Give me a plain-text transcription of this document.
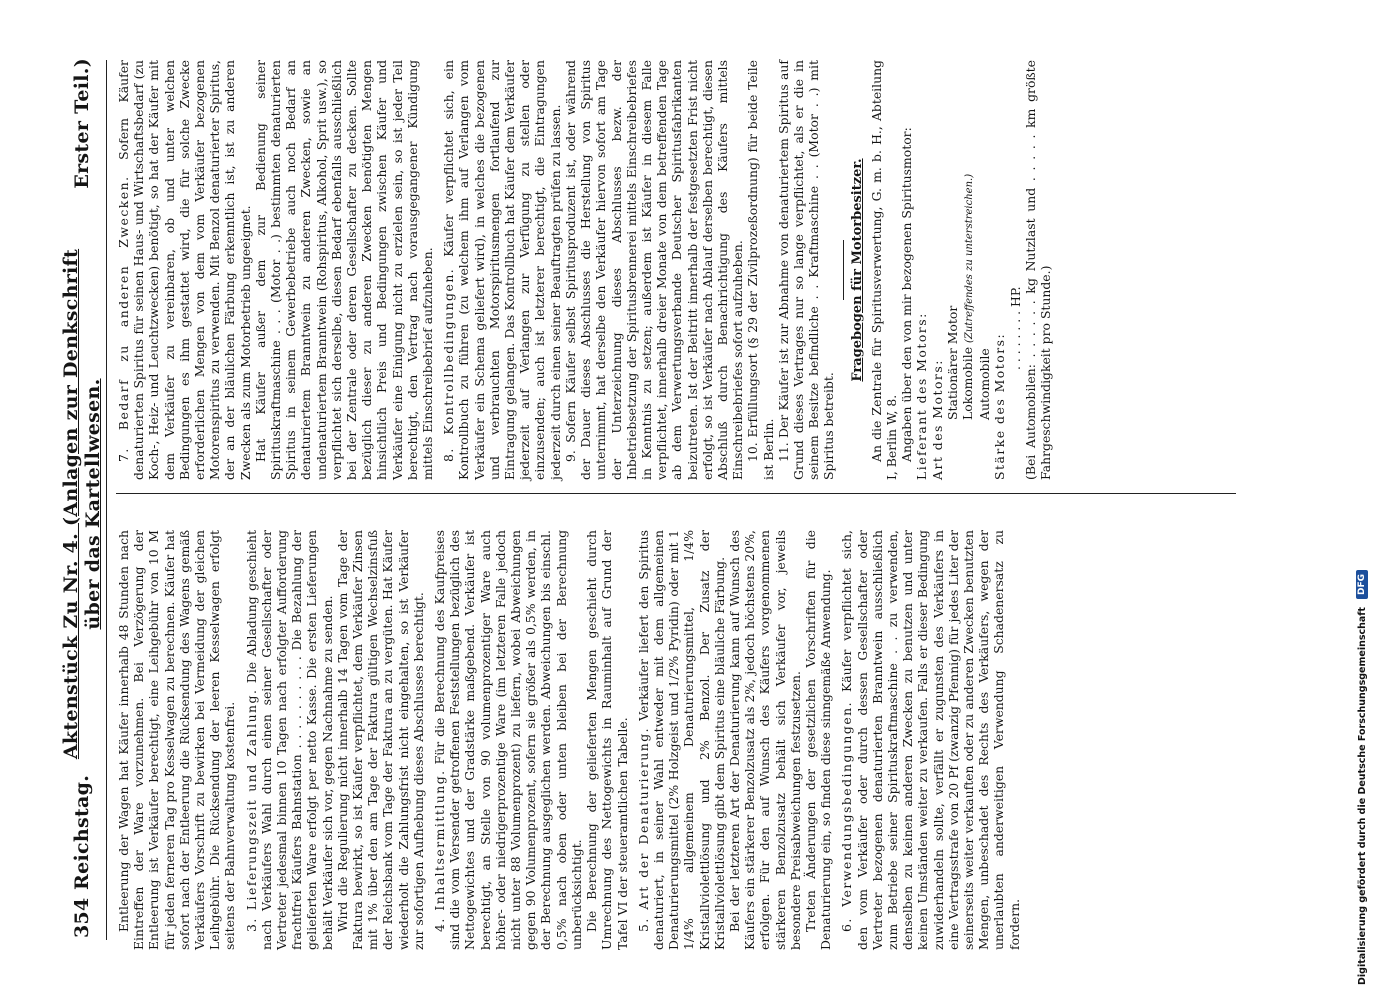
354
Reichstag.
Aktenstück Zu Nr. 4. (Anlagen zur Denkschrift über das Kartellwesen.
Erster Teil.)

Entleerung der Wagen hat Käufer innerhalb 48 Stunden nach Eintreffen der Ware vorzunehmen. Bei Verzögerung der Entleerung ist Verkäufer berechtigt, eine Leihgebühr von 10 M für jeden ferneren Tag pro Kesselwagen zu berechnen. Käufer hat sofort nach der Entleerung die Rücksendung des Wagens gemäß Verkäufers Vorschrift zu bewirken bei Vermeidung der gleichen Leihgebühr. Die Rücksendung der leeren Kesselwagen erfolgt seitens der Bahnverwaltung kostenfrei. 3. Lieferungszeit und Zahlung. Die Abladung geschieht nach Verkäufers Wahl durch einen seiner Gesellschafter oder Vertreter jedesmal binnen 10 Tagen nach erfolgter Aufforderung frachtfrei Käufers Bahnstation . . . . . . . . . . Die Bezahlung der gelieferten Ware erfolgt per netto Kasse. Die ersten Lieferungen behält Verkäufer sich vor, gegen Nachnahme zu senden. Wird die Regulierung nicht innerhalb 14 Tagen vom Tage der Faktura bewirkt, so ist Käufer verpflichtet, dem Verkäufer Zinsen mit 1% über den am Tage der Faktura gültigen Wechselzinsfuß der Reichsbank vom Tage der Faktura an zu vergüten. Hat Käufer wiederholt die Zahlungsfrist nicht eingehalten, so ist Verkäufer zur sofortigen Aufhebung dieses Abschlusses berechtigt. 4. Inhaltsermittlung. Für die Berechnung des Kaufpreises sind die vom Versender getroffenen Feststellungen bezüglich des Nettogewichtes und der Gradstärke maßgebend. Verkäufer ist berechtigt, an Stelle von 90 volumenprozentiger Ware auch höher- oder niedrigerprozentige Ware (im letzteren Falle jedoch nicht unter 88 Volumenprozent) zu liefern, wobei Abweichungen gegen 90 Volumenprozent, sofern sie größer als 0,5% werden, in der Berechnung ausgeglichen werden. Abweichungen bis einschl. 0,5% nach oben oder unten bleiben bei der Berechnung unberücksichtigt. Die Berechnung der gelieferten Mengen geschieht durch Umrechnung des Nettogewichts in Rauminhalt auf Grund der Tafel VI der steueramtlichen Tabelle. 5. Art der Denaturierung. Verkäufer liefert den Spiritus denaturiert, in seiner Wahl entweder mit dem allgemeinen Denaturierungsmittel (2% Holzgeist und 1/2% Pyridin) oder mit 1 1/4% allgemeinem Denaturierungsmittel, 1/4% Kristallviolettlösung und 2% Benzol. Der Zusatz der Kristallviolettlösung gibt dem Spiritus eine bläuliche Färbung. Bei der letzteren Art der Denaturierung kann auf Wunsch des Käufers ein stärkerer Benzolzusatz als 2%, jedoch höchstens 20%, erfolgen. Für den auf Wunsch des Käufers vorgenommenen stärkeren Benzolzusatz behält sich Verkäufer vor, jeweils besondere Preisabweichungen festzusetzen. Treten Änderungen der gesetzlichen Vorschriften für die Denaturierung ein, so finden diese sinngemäße Anwendung. 6. Verwendungsbedingungen. Käufer verpflichtet sich, den vom Verkäufer oder durch dessen Gesellschafter oder Vertreter bezogenen denaturierten Branntwein ausschließlich zum Betriebe seiner Spirituskraftmaschine . . zu verwenden, denselben zu keinen anderen Zwecken zu benutzen und unter keinen Umständen weiter zu verkaufen. Falls er dieser Bedingung zuwiderhandeln sollte, verfällt er zugunsten des Verkäufers in eine Vertragsstrafe von 20 Pf (zwanzig Pfennig) für jedes Liter der seinerseits weiter verkauften oder zu anderen Zwecken benutzten Mengen, unbeschadet des Rechts des Verkäufers, wegen der unerlaubten anderweitigen Verwendung Schadenersatz zu fordern.

7. Bedarf zu anderen Zwecken. Sofern Käufer denaturierten Spiritus für seinen Haus- und Wirtschaftsbedarf (zu Koch-, Heiz- und Leuchtzwecken) benötigt, so hat der Käufer mit dem Verkäufer zu vereinbaren, ob und unter welchen Bedingungen es ihm gestattet wird, die für solche Zwecke erforderlichen Mengen von dem vom Verkäufer bezogenen Motorenspiritus zu verwenden. Mit Benzol denaturierter Spiritus, der an der bläulichen Färbung erkenntlich ist, ist zu anderen Zwecken als zum Motorbetrieb ungeeignet. Hat Käufer außer dem zur Bedienung seiner Spirituskraftmaschine . . . (Motor . .) bestimmten denaturierten Spiritus in seinem Gewerbebetriebe auch noch Bedarf an denaturiertem Branntwein zu anderen Zwecken, sowie an undenaturiertem Branntwein (Rohspiritus, Alkohol, Sprit usw.), so verpflichtet sich derselbe, diesen Bedarf ebenfalls ausschließlich bei der Zentrale oder deren Gesellschafter zu decken. Sollte bezüglich dieser zu anderen Zwecken benötigten Mengen hinsichtlich Preis und Bedingungen zwischen Käufer und Verkäufer eine Einigung nicht zu erzielen sein, so ist jeder Teil berechtigt, den Vertrag nach vorausgegangener Kündigung mittels Einschreibebrief aufzuheben. 8. Kontrollbedingungen. Käufer verpflichtet sich, ein Kontrollbuch zu führen (zu welchem ihm auf Verlangen vom Verkäufer ein Schema geliefert wird), in welches die bezogenen und verbrauchten Motorspiritusmengen fortlaufend zur Eintragung gelangen. Das Kontrollbuch hat Käufer dem Verkäufer jederzeit auf Verlangen zur Verfügung zu stellen oder einzusenden; auch ist letzterer berechtigt, die Eintragungen jederzeit durch einen seiner Beauftragten prüfen zu lassen. 9. Sofern Käufer selbst Spiritusproduzent ist, oder während der Dauer dieses Abschlusses die Herstellung von Spiritus unternimmt, hat derselbe den Verkäufer hiervon sofort am Tage der Unterzeichnung dieses Abschlusses bezw. der Inbetriebsetzung der Spiritusbrennerei mittels Einschreibebriefes in Kenntnis zu setzen; außerdem ist Käufer in diesem Falle verpflichtet, innerhalb dreier Monate von dem betreffenden Tage ab dem Verwertungsverbande Deutscher Spiritusfabrikanten beizutreten. Ist der Beitritt innerhalb der festgesetzten Frist nicht erfolgt, so ist Verkäufer nach Ablauf derselben berechtigt, diesen Abschluß durch Benachrichtigung des Käufers mittels Einschreibebriefes sofort aufzuheben. 10. Erfüllungsort (§ 29 der Zivilprozeßordnung) für beide Teile ist Berlin. 11. Der Käufer ist zur Abnahme von denaturiertem Spiritus auf Grund dieses Vertrages nur so lange verpflichtet, als er die in seinem Besitze befindliche . . Kraftmaschine . . (Motor . .) mit Spiritus betreibt.

Fragebogen für Motorbesitzer. An die Zentrale für Spiritusverwertung, G. m. b. H., Abteilung I, Berlin W, 8. Angaben über den von mir bezogenen Spiritusmotor: Lieferant des Motors: Art des Motors: Stationärer Motor Lokomobile (Zutreffendes zu unterstreichen.)

Automobile Stärke des Motors:

. . . . . . . . HP. (Bei Automobilen: . . . . . . kg Nutzlast und . . . . . km größte Fahrgeschwindigkeit pro Stunde.)

Digitalisierung gefördert durch die Deutsche Forschungsgemeinschaft
DFG
